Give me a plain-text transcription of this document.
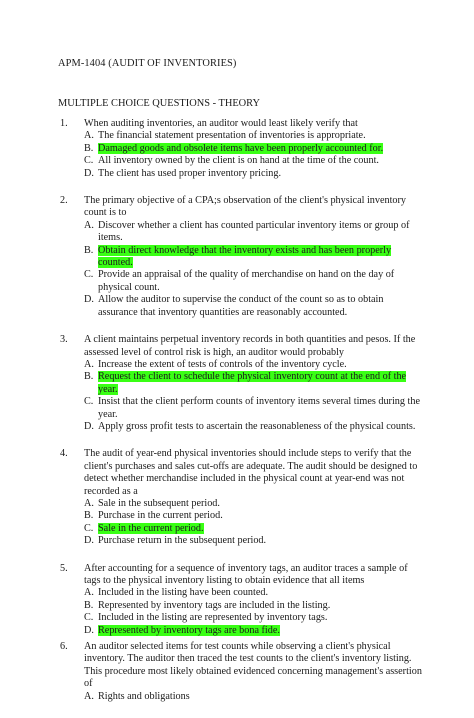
APM-1404 (AUDIT OF INVENTORIES)
MULTIPLE CHOICE QUESTIONS - THEORY
1. When auditing inventories, an auditor would least likely verify that
A. The financial statement presentation of inventories is appropriate.
B. Damaged goods and obsolete items have been properly accounted for.
C. All inventory owned by the client is on hand at the time of the count.
D. The client has used proper inventory pricing.
2. The primary objective of a CPA;s observation of the client's physical inventory count is to
A. Discover whether a client has counted particular inventory items or group of items.
B. Obtain direct knowledge that the inventory exists and has been properly counted.
C. Provide an appraisal of the quality of merchandise on hand on the day of physical count.
D. Allow the auditor to supervise the conduct of the count so as to obtain assurance that inventory quantities are reasonably accounted.
3. A client maintains perpetual inventory records in both quantities and pesos. If the assessed level of control risk is high, an auditor would probably
A. Increase the extent of tests of controls of the inventory cycle.
B. Request the client to schedule the physical inventory count at the end of the year.
C. Insist that the client perform counts of inventory items several times during the year.
D. Apply gross profit tests to ascertain the reasonableness of the physical counts.
4. The audit of year-end physical inventories should include steps to verify that the client's purchases and sales cut-offs are adequate. The audit should be designed to detect whether merchandise included in the physical count at year-end was not recorded as a
A. Sale in the subsequent period.
B. Purchase in the current period.
C. Sale in the current period.
D. Purchase return in the subsequent period.
5. After accounting for a sequence of inventory tags, an auditor traces a sample of tags to the physical inventory listing to obtain evidence that all items
A. Included in the listing have been counted.
B. Represented by inventory tags are included in the listing.
C. Included in the listing are represented by inventory tags.
D. Represented by inventory tags are bona fide.
6. An auditor selected items for test counts while observing a client's physical inventory. The auditor then traced the test counts to the client's inventory listing. This procedure most likely obtained evidenced concerning management's assertion of
A. Rights and obligations
